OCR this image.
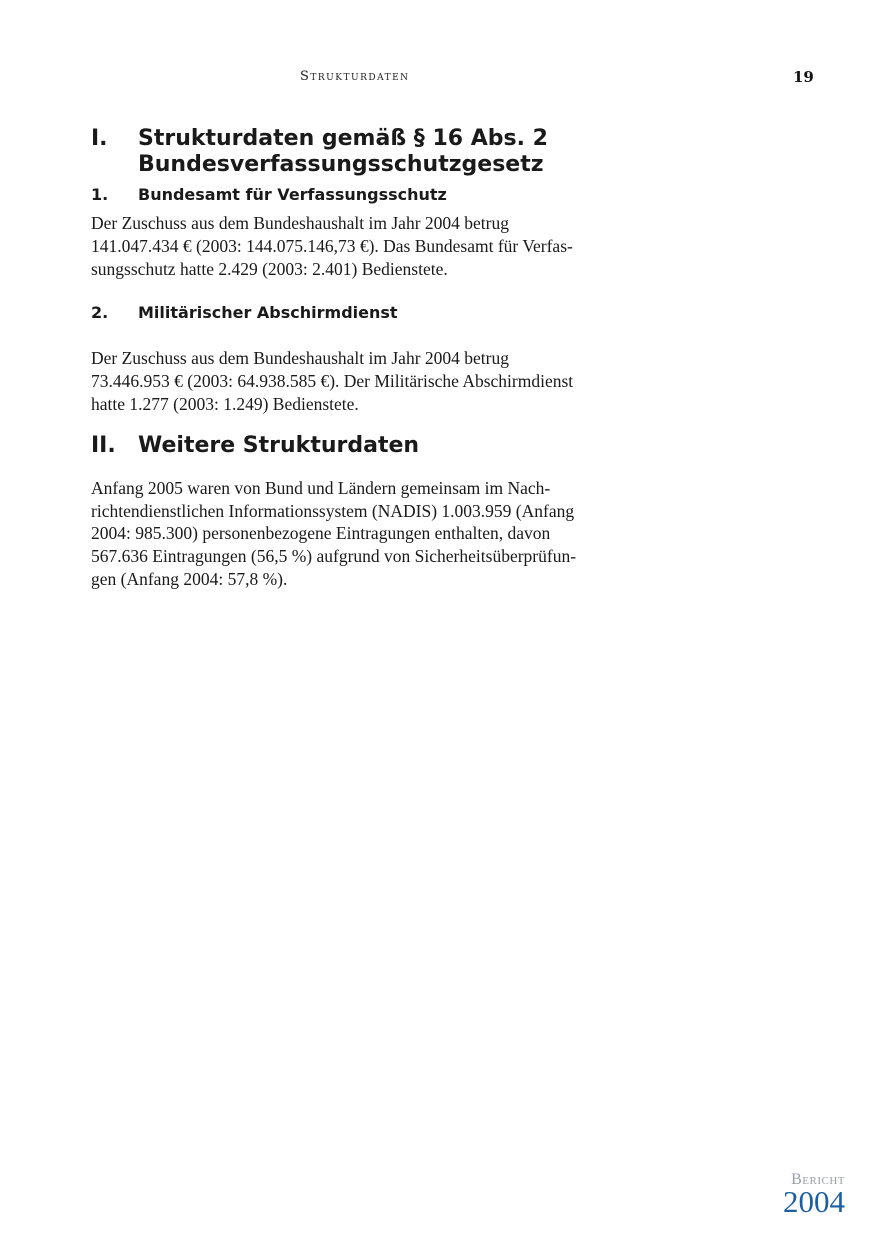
Strukturdaten	19
I.	Strukturdaten gemäß § 16 Abs. 2
Bundesverfassungsschutzgesetz
1.	Bundesamt für Verfassungsschutz

Der Zuschuss aus dem Bundeshaushalt im Jahr 2004 betrug
141.047.434 € (2003: 144.075.146,73 €). Das Bundesamt für Verfas-
sungsschutz hatte 2.429 (2003: 2.401) Bedienstete.

2.	Militärischer Abschirmdienst

Der Zuschuss aus dem Bundeshaushalt im Jahr 2004 betrug
73.446.953 € (2003: 64.938.585 €). Der Militärische Abschirmdienst
hatte 1.277 (2003: 1.249) Bedienstete.

II.	Weitere Strukturdaten

Anfang 2005 waren von Bund und Ländern gemeinsam im Nach-
richtendienstlichen Informationssystem (NADIS) 1.003.959 (Anfang
2004: 985.300) personenbezogene Eintragungen enthalten, davon
567.636 Eintragungen (56,5 %) aufgrund von Sicherheitsüberprüfun-
gen (Anfang 2004: 57,8 %).

Bericht
2004
